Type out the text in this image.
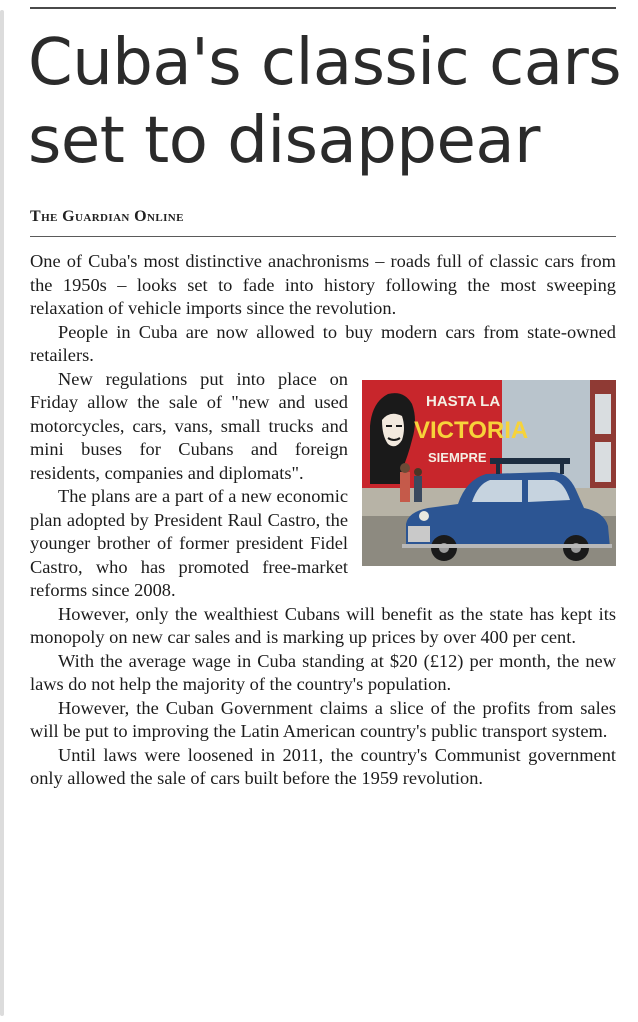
Cuba's classic cars set to disappear
The Guardian Online

One of Cuba's most distinctive anachronisms – roads full of classic cars from the 1950s – looks set to fade into history following the most sweeping relaxation of vehicle imports since the revolution.

People in Cuba are now allowed to buy modern cars from state-owned retailers.

HASTA LA
VICTORIA
SIEMPRE

New regulations put into place on Friday allow the sale of "new and used motorcycles, cars, vans, small trucks and mini buses for Cubans and foreign residents, companies and diplomats".

The plans are a part of a new economic plan adopted by President Raul Castro, the younger brother of former president Fidel Castro, who has promoted free-market reforms since 2008.

However, only the wealthiest Cubans will benefit as the state has kept its monopoly on new car sales and is marking up prices by over 400 per cent.

With the average wage in Cuba standing at $20 (£12) per month, the new laws do not help the majority of the country's population.

However, the Cuban Government claims a slice of the profits from sales will be put to improving the Latin American country's public transport system.

Until laws were loosened in 2011, the country's Communist government only allowed the sale of cars built before the 1959 revolution.
